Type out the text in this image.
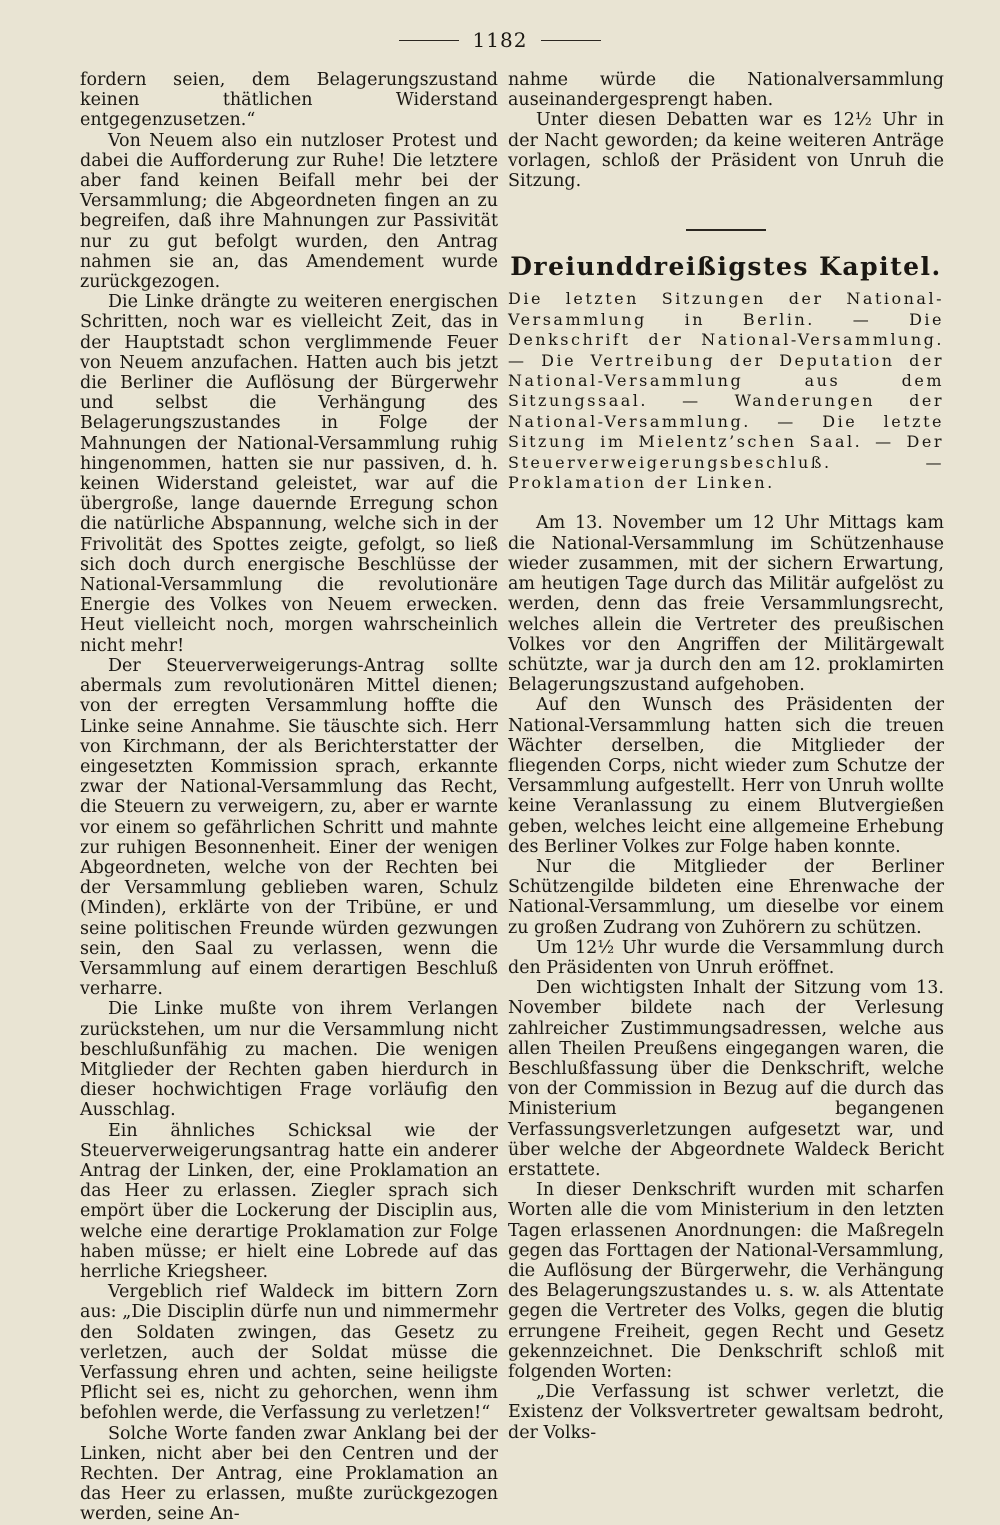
1182

fordern seien, dem Belagerungszustand keinen thätlichen Widerstand entgegenzusetzen.“

Von Neuem also ein nutzloser Protest und dabei die Aufforderung zur Ruhe! Die letztere aber fand keinen Beifall mehr bei der Versammlung; die Abgeordneten fingen an zu begreifen, daß ihre Mahnungen zur Passivität nur zu gut befolgt wurden, den Antrag nahmen sie an, das Amendement wurde zurückgezogen.

Die Linke drängte zu weiteren energischen Schritten, noch war es vielleicht Zeit, das in der Hauptstadt schon verglimmende Feuer von Neuem anzufachen. Hatten auch bis jetzt die Berliner die Auflösung der Bürgerwehr und selbst die Verhängung des Belagerungszustandes in Folge der Mahnungen der National-Versammlung ruhig hingenommen, hatten sie nur passiven, d. h. keinen Widerstand geleistet, war auf die übergroße, lange dauernde Erregung schon die natürliche Abspannung, welche sich in der Frivolität des Spottes zeigte, gefolgt, so ließ sich doch durch energische Beschlüsse der National-Versammlung die revolutionäre Energie des Volkes von Neuem erwecken. Heut vielleicht noch, morgen wahrscheinlich nicht mehr!

Der Steuerverweigerungs-Antrag sollte abermals zum revolutionären Mittel dienen; von der erregten Versammlung hoffte die Linke seine Annahme. Sie täuschte sich. Herr von Kirchmann, der als Berichterstatter der eingesetzten Kommission sprach, erkannte zwar der National-Versammlung das Recht, die Steuern zu verweigern, zu, aber er warnte vor einem so gefährlichen Schritt und mahnte zur ruhigen Besonnenheit. Einer der wenigen Abgeordneten, welche von der Rechten bei der Versammlung geblieben waren, Schulz (Minden), erklärte von der Tribüne, er und seine politischen Freunde würden gezwungen sein, den Saal zu verlassen, wenn die Versammlung auf einem derartigen Beschluß verharre.

Die Linke mußte von ihrem Verlangen zurückstehen, um nur die Versammlung nicht beschlußunfähig zu machen. Die wenigen Mitglieder der Rechten gaben hierdurch in dieser hochwichtigen Frage vorläufig den Ausschlag.

Ein ähnliches Schicksal wie der Steuerverweigerungsantrag hatte ein anderer Antrag der Linken, der, eine Proklamation an das Heer zu erlassen. Ziegler sprach sich empört über die Lockerung der Disciplin aus, welche eine derartige Proklamation zur Folge haben müsse; er hielt eine Lobrede auf das herrliche Kriegsheer.

Vergeblich rief Waldeck im bittern Zorn aus: „Die Disciplin dürfe nun und nimmermehr den Soldaten zwingen, das Gesetz zu verletzen, auch der Soldat müsse die Verfassung ehren und achten, seine heiligste Pflicht sei es, nicht zu gehorchen, wenn ihm befohlen werde, die Verfassung zu verletzen!“

Solche Worte fanden zwar Anklang bei der Linken, nicht aber bei den Centren und der Rechten. Der Antrag, eine Proklamation an das Heer zu erlassen, mußte zurückgezogen werden, seine An-

nahme würde die Nationalversammlung auseinandergesprengt haben.

Unter diesen Debatten war es 12½ Uhr in der Nacht geworden; da keine weiteren Anträge vorlagen, schloß der Präsident von Unruh die Sitzung.

Dreiunddreißigstes Kapitel.
Die letzten Sitzungen der National-Versammlung in Berlin. — Die Denkschrift der National-Versammlung. — Die Vertreibung der Deputation der National-Versammlung aus dem Sitzungssaal. — Wanderungen der National-Versammlung. — Die letzte Sitzung im Mielentz’schen Saal. — Der Steuerverweigerungsbeschluß. — Proklamation der Linken.

Am 13. November um 12 Uhr Mittags kam die National-Versammlung im Schützenhause wieder zusammen, mit der sichern Erwartung, am heutigen Tage durch das Militär aufgelöst zu werden, denn das freie Versammlungsrecht, welches allein die Vertreter des preußischen Volkes vor den Angriffen der Militärgewalt schützte, war ja durch den am 12. proklamirten Belagerungszustand aufgehoben.

Auf den Wunsch des Präsidenten der National-Versammlung hatten sich die treuen Wächter derselben, die Mitglieder der fliegenden Corps, nicht wieder zum Schutze der Versammlung aufgestellt. Herr von Unruh wollte keine Veranlassung zu einem Blutvergießen geben, welches leicht eine allgemeine Erhebung des Berliner Volkes zur Folge haben konnte.

Nur die Mitglieder der Berliner Schützengilde bildeten eine Ehrenwache der National-Versammlung, um dieselbe vor einem zu großen Zudrang von Zuhörern zu schützen.

Um 12½ Uhr wurde die Versammlung durch den Präsidenten von Unruh eröffnet.

Den wichtigsten Inhalt der Sitzung vom 13. November bildete nach der Verlesung zahlreicher Zustimmungsadressen, welche aus allen Theilen Preußens eingegangen waren, die Beschlußfassung über die Denkschrift, welche von der Commission in Bezug auf die durch das Ministerium begangenen Verfassungsverletzungen aufgesetzt war, und über welche der Abgeordnete Waldeck Bericht erstattete.

In dieser Denkschrift wurden mit scharfen Worten alle die vom Ministerium in den letzten Tagen erlassenen Anordnungen: die Maßregeln gegen das Forttagen der National-Versammlung, die Auflösung der Bürgerwehr, die Verhängung des Belagerungszustandes u. s. w. als Attentate gegen die Vertreter des Volks, gegen die blutig errungene Freiheit, gegen Recht und Gesetz gekennzeichnet. Die Denkschrift schloß mit folgenden Worten:

„Die Verfassung ist schwer verletzt, die Existenz der Volksvertreter gewaltsam bedroht, der Volks-
